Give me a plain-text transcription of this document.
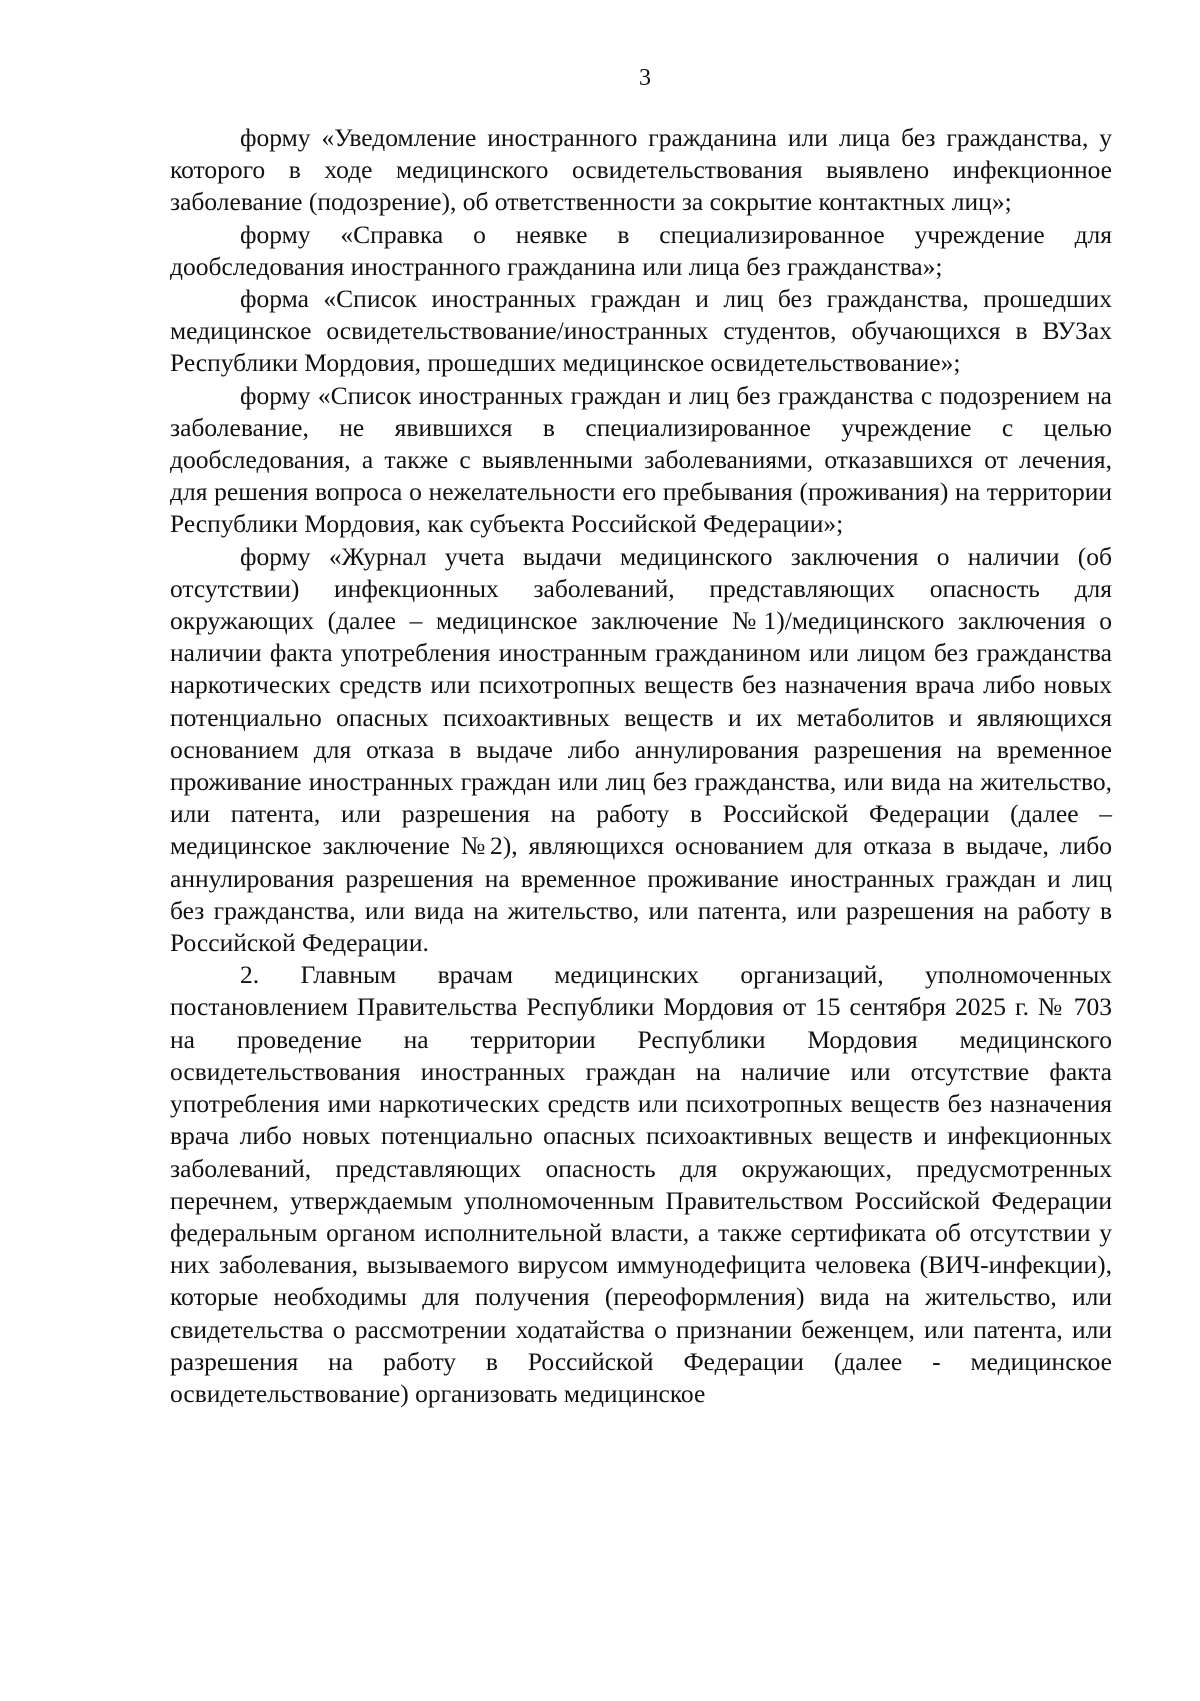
3

форму «Уведомление иностранного гражданина или лица без гражданства, у которого в ходе медицинского освидетельствования выявлено инфекционное заболевание (подозрение), об ответственности за сокрытие контактных лиц»;

форму «Справка о неявке в специализированное учреждение для дообследования иностранного гражданина или лица без гражданства»;

форма «Список иностранных граждан и лиц без гражданства, прошедших медицинское освидетельствование/иностранных студентов, обучающихся в ВУЗах Республики Мордовия, прошедших медицинское освидетельствование»;

форму «Список иностранных граждан и лиц без гражданства с подозрением на заболевание, не явившихся в специализированное учреждение с целью дообследования, а также с выявленными заболеваниями, отказавшихся от лечения, для решения вопроса о нежелательности его пребывания (проживания) на территории Республики Мордовия, как субъекта Российской Федерации»;

форму «Журнал учета выдачи медицинского заключения о наличии (об отсутствии) инфекционных заболеваний, представляющих опасность для окружающих (далее – медицинское заключение №1)/медицинского заключения о наличии факта употребления иностранным гражданином или лицом без гражданства наркотических средств или психотропных веществ без назначения врача либо новых потенциально опасных психоактивных веществ и их метаболитов и являющихся основанием для отказа в выдаче либо аннулирования разрешения на временное проживание иностранных граждан или лиц без гражданства, или вида на жительство, или патента, или разрешения на работу в Российской Федерации (далее – медицинское заключение №2), являющихся основанием для отказа в выдаче, либо аннулирования разрешения на временное проживание иностранных граждан и лиц без гражданства, или вида на жительство, или патента, или разрешения на работу в Российской Федерации.

2. Главным врачам медицинских организаций, уполномоченных постановлением Правительства Республики Мордовия от 15 сентября 2025 г. № 703 на проведение на территории Республики Мордовия медицинского освидетельствования иностранных граждан на наличие или отсутствие факта употребления ими наркотических средств или психотропных веществ без назначения врача либо новых потенциально опасных психоактивных веществ и инфекционных заболеваний, представляющих опасность для окружающих, предусмотренных перечнем, утверждаемым уполномоченным Правительством Российской Федерации федеральным органом исполнительной власти, а также сертификата об отсутствии у них заболевания, вызываемого вирусом иммунодефицита человека (ВИЧ-инфекции), которые необходимы для получения (переоформления) вида на жительство, или свидетельства о рассмотрении ходатайства о признании беженцем, или патента, или разрешения на работу в Российской Федерации (далее - медицинское освидетельствование) организовать медицинское
